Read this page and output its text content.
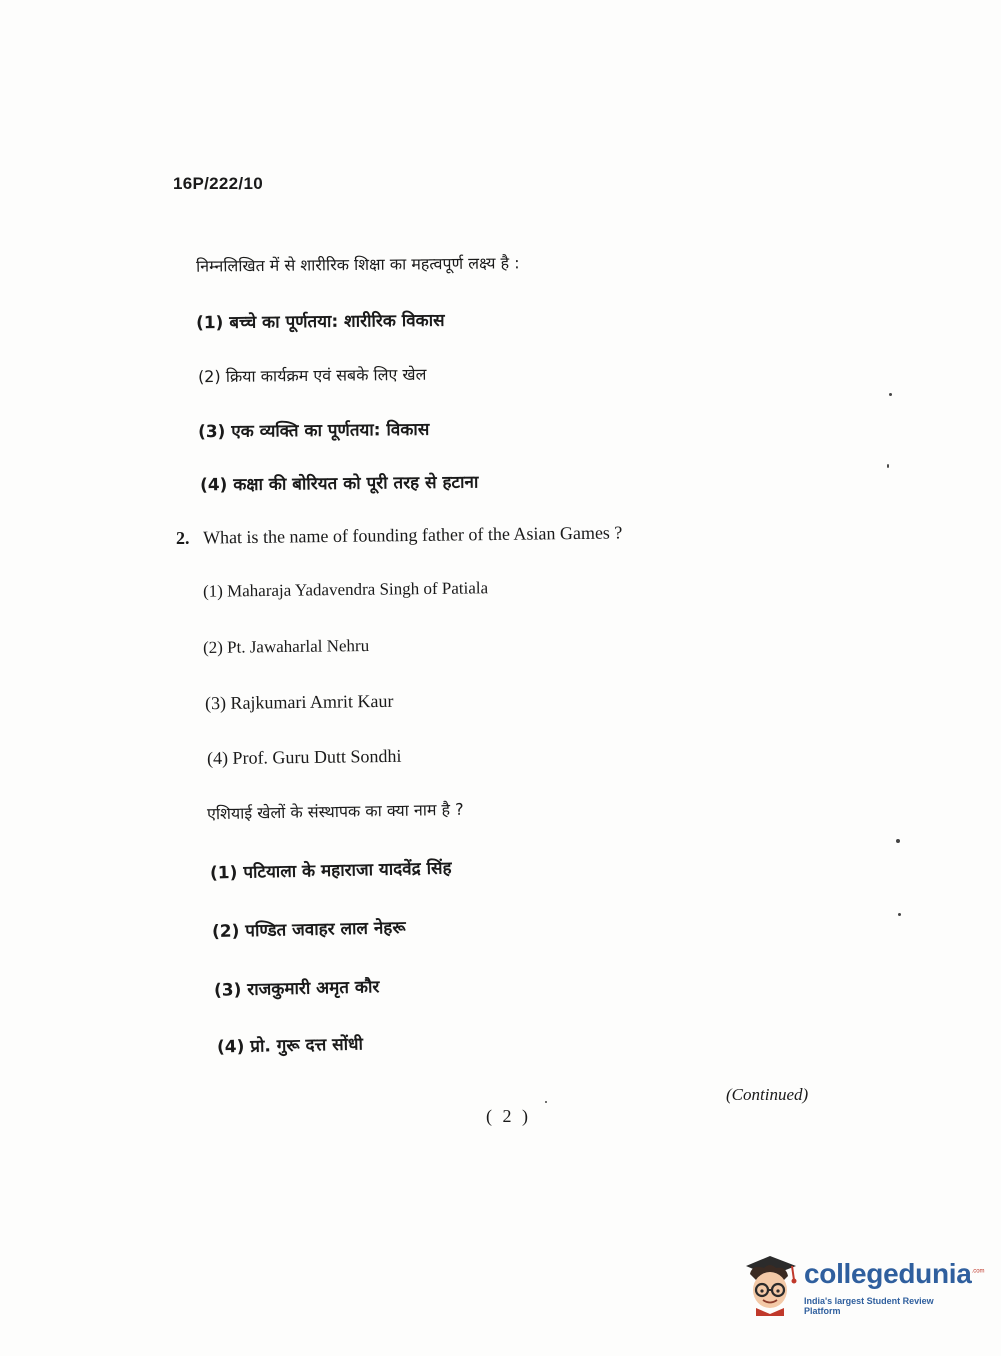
16P/222/10
निम्नलिखित में से शारीरिक शिक्षा का महत्वपूर्ण लक्ष्य है :
(1) बच्चे का पूर्णतया: शारीरिक विकास
(2) क्रिया कार्यक्रम एवं सबके लिए खेल
(3) एक व्यक्ति का पूर्णतया: विकास
(4) कक्षा की बोरियत को पूरी तरह से हटाना
2. What is the name of founding father of the Asian Games ?
(1) Maharaja Yadavendra Singh of Patiala
(2) Pt. Jawaharlal Nehru
(3) Rajkumari Amrit Kaur
(4) Prof. Guru Dutt Sondhi
एशियाई खेलों के संस्थापक का क्या नाम है ?
(1) पटियाला के महाराजा यादवेंद्र सिंह
(2) पण्डित जवाहर लाल नेहरू
(3) राजकुमारी अमृत कौर
(4) प्रो. गुरू दत्त सोंधी
(Continued)
( 2 )
collegedunia$^{.com}$
India's largest Student Review Platform
